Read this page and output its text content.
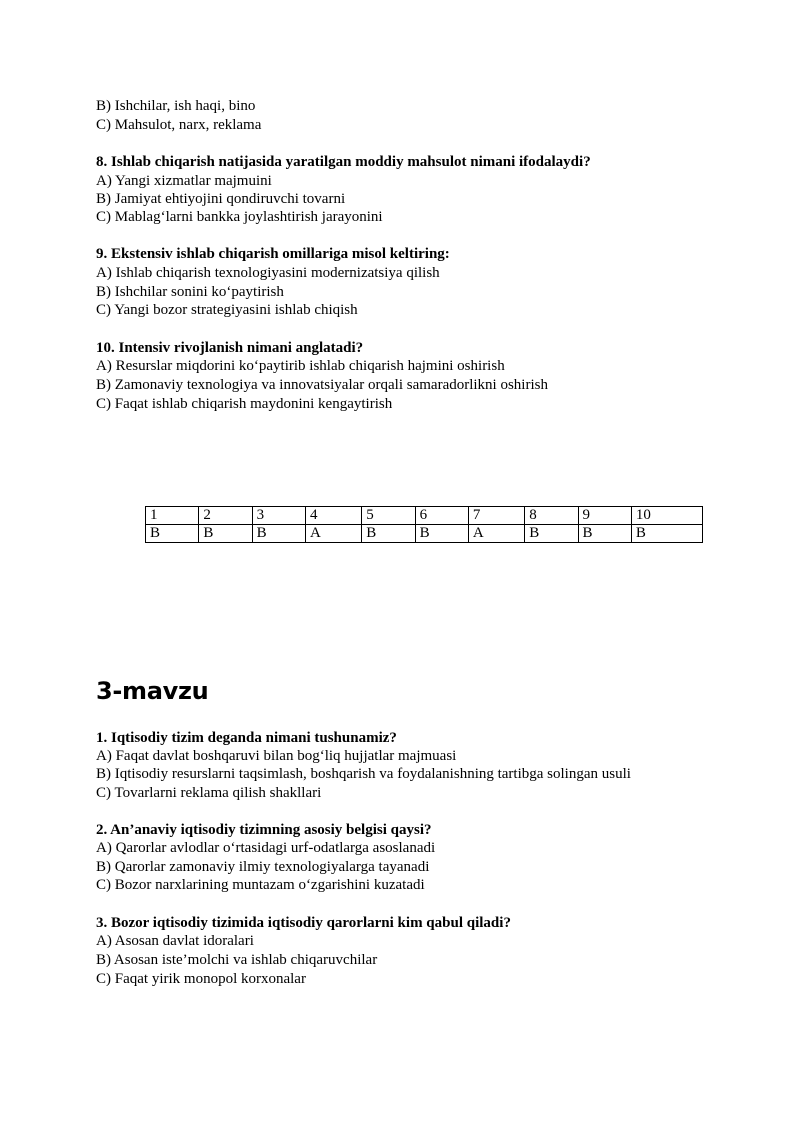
B) Ishchilar, ish haqi, bino
C) Mahsulot, narx, reklama
8. Ishlab chiqarish natijasida yaratilgan moddiy mahsulot nimani ifodalaydi?
A) Yangi xizmatlar majmuini
B) Jamiyat ehtiyojini qondiruvchi tovarni
C) Mablag‘larni bankka joylashtirish jarayonini
9. Ekstensiv ishlab chiqarish omillariga misol keltiring:
A) Ishlab chiqarish texnologiyasini modernizatsiya qilish
B) Ishchilar sonini ko‘paytirish
C) Yangi bozor strategiyasini ishlab chiqish
10. Intensiv rivojlanish nimani anglatadi?
A) Resurslar miqdorini ko‘paytirib ishlab chiqarish hajmini oshirish
B) Zamonaviy texnologiya va innovatsiyalar orqali samaradorlikni oshirish
C) Faqat ishlab chiqarish maydonini kengaytirish
1	2	3	4	5	6	7	8	9	10
B	B	B	A	B	B	A	B	B	B
3-mavzu
1. Iqtisodiy tizim deganda nimani tushunamiz?
A) Faqat davlat boshqaruvi bilan bog‘liq hujjatlar majmuasi
B) Iqtisodiy resurslarni taqsimlash, boshqarish va foydalanishning tartibga solingan usuli
C) Tovarlarni reklama qilish shakllari
2. An’anaviy iqtisodiy tizimning asosiy belgisi qaysi?
A) Qarorlar avlodlar o‘rtasidagi urf-odatlarga asoslanadi
B) Qarorlar zamonaviy ilmiy texnologiyalarga tayanadi
C) Bozor narxlarining muntazam o‘zgarishini kuzatadi
3. Bozor iqtisodiy tizimida iqtisodiy qarorlarni kim qabul qiladi?
A) Asosan davlat idoralari
B) Asosan iste’molchi va ishlab chiqaruvchilar
C) Faqat yirik monopol korxonalar
